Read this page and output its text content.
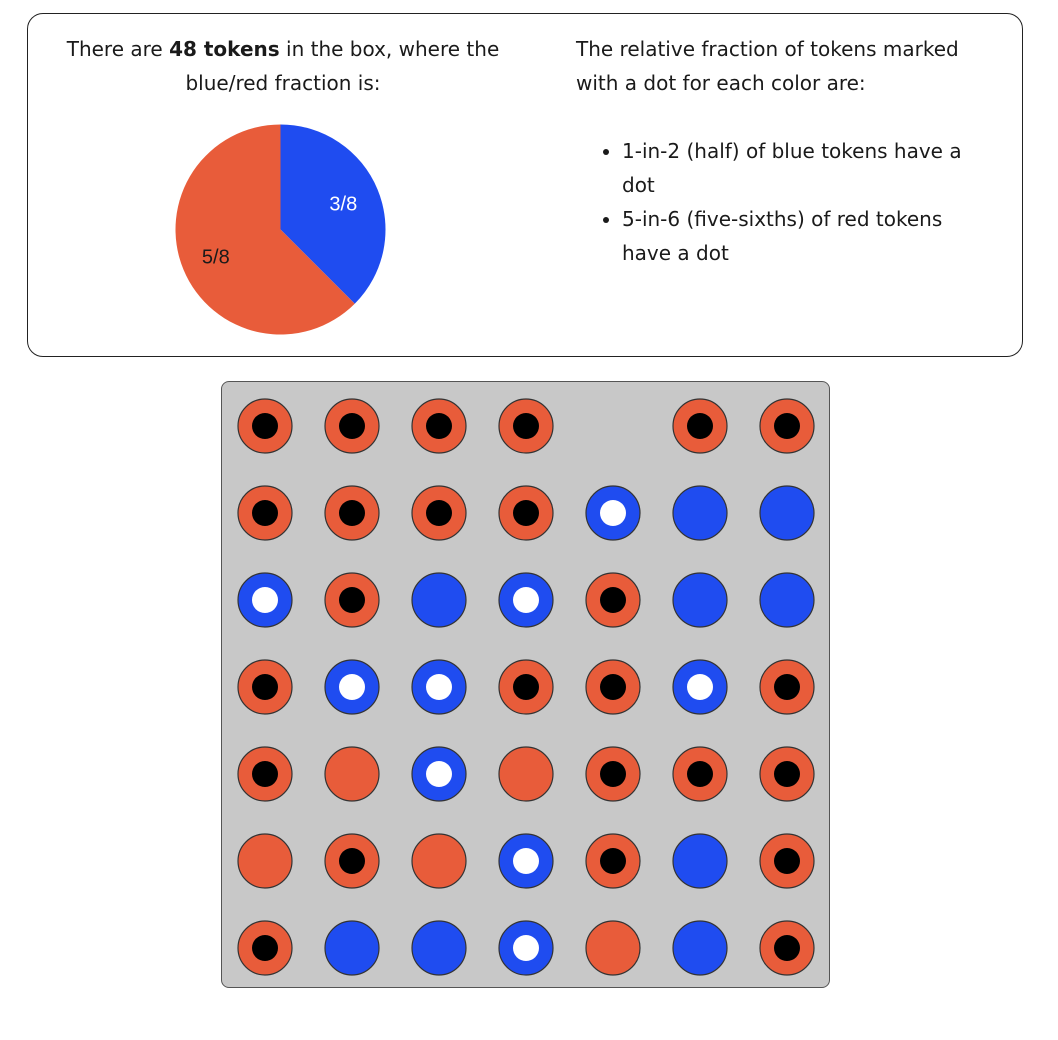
There are 48 tokens in the box, where the blue/red fraction is:
3/8
5/8
The relative fraction of tokens marked with a dot for each color are:
• 1-in-2 (half) of blue tokens have a dot
• 5-in-6 (five-sixths) of red tokens have a dot
